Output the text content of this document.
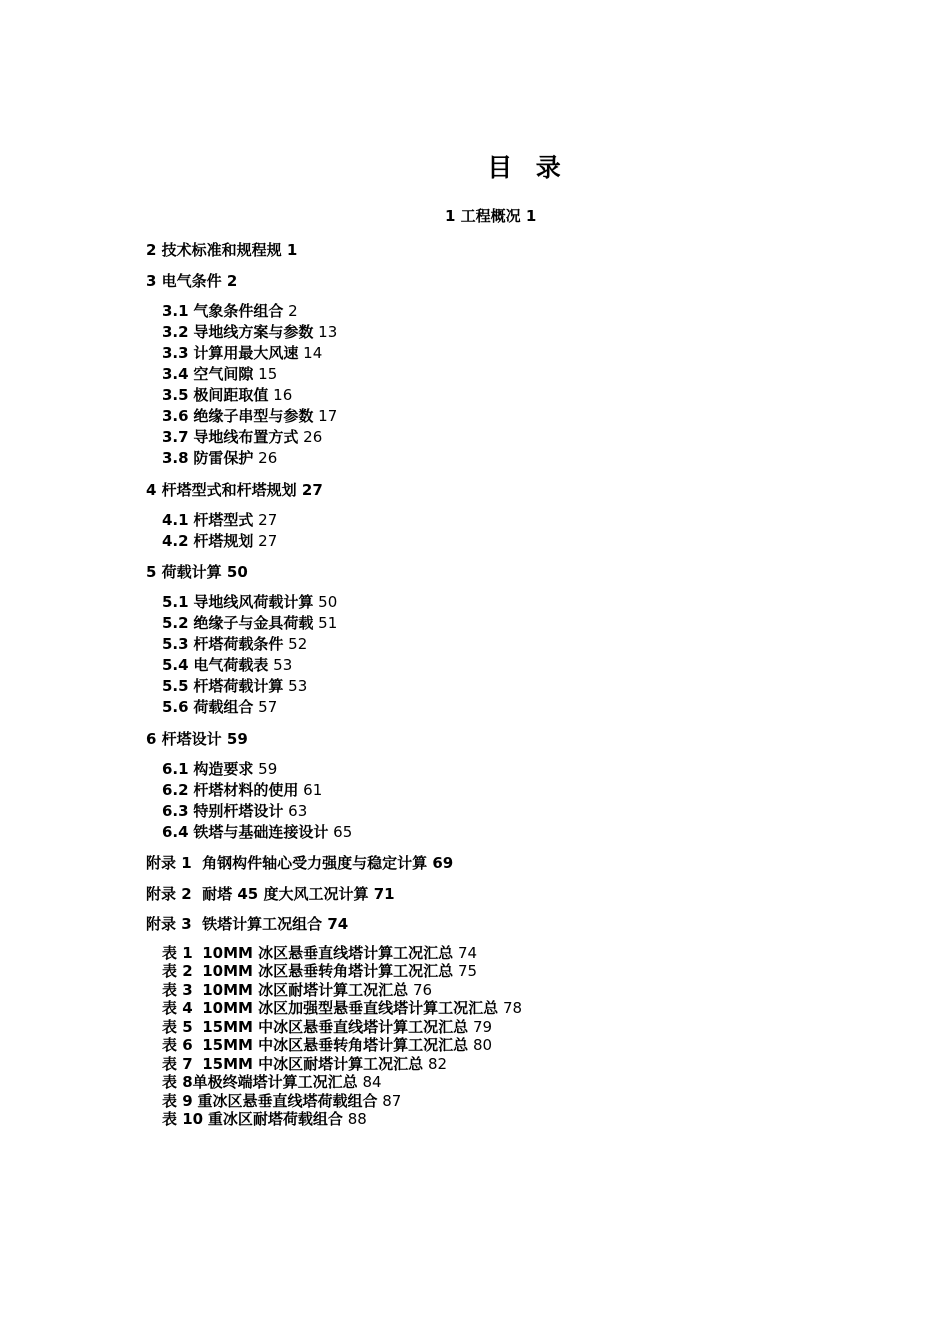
目  录
1 工程概况 1
2 技术标准和规程规 1
3 电气条件 2
3.1 气象条件组合 2
3.2 导地线方案与参数 13
3.3 计算用最大风速 14
3.4 空气间隙 15
3.5 极间距取值 16
3.6 绝缘子串型与参数 17
3.7 导地线布置方式 26
3.8 防雷保护 26
4 杆塔型式和杆塔规划 27
4.1 杆塔型式 27
4.2 杆塔规划 27
5 荷载计算 50
5.1 导地线风荷载计算 50
5.2 绝缘子与金具荷载 51
5.3 杆塔荷载条件 52
5.4 电气荷载表 53
5.5 杆塔荷载计算 53
5.6 荷载组合 57
6 杆塔设计 59
6.1 构造要求 59
6.2 杆塔材料的使用 61
6.3 特别杆塔设计 63
6.4 铁塔与基础连接设计 65
附录 1 角钢构件轴心受力强度与稳定计算 69
附录 2 耐塔 45 度大风工况计算 71
附录 3 铁塔计算工况组合 74
表 1 10MM 冰区悬垂直线塔计算工况汇总 74
表 2 10MM 冰区悬垂转角塔计算工况汇总 75
表 3 10MM 冰区耐塔计算工况汇总 76
表 4 10MM 冰区加强型悬垂直线塔计算工况汇总 78
表 5 15MM 中冰区悬垂直线塔计算工况汇总 79
表 6 15MM 中冰区悬垂转角塔计算工况汇总 80
表 7 15MM 中冰区耐塔计算工况汇总 82
表 8单极终端塔计算工况汇总 84
表 9 重冰区悬垂直线塔荷载组合 87
表 10 重冰区耐塔荷载组合 88
